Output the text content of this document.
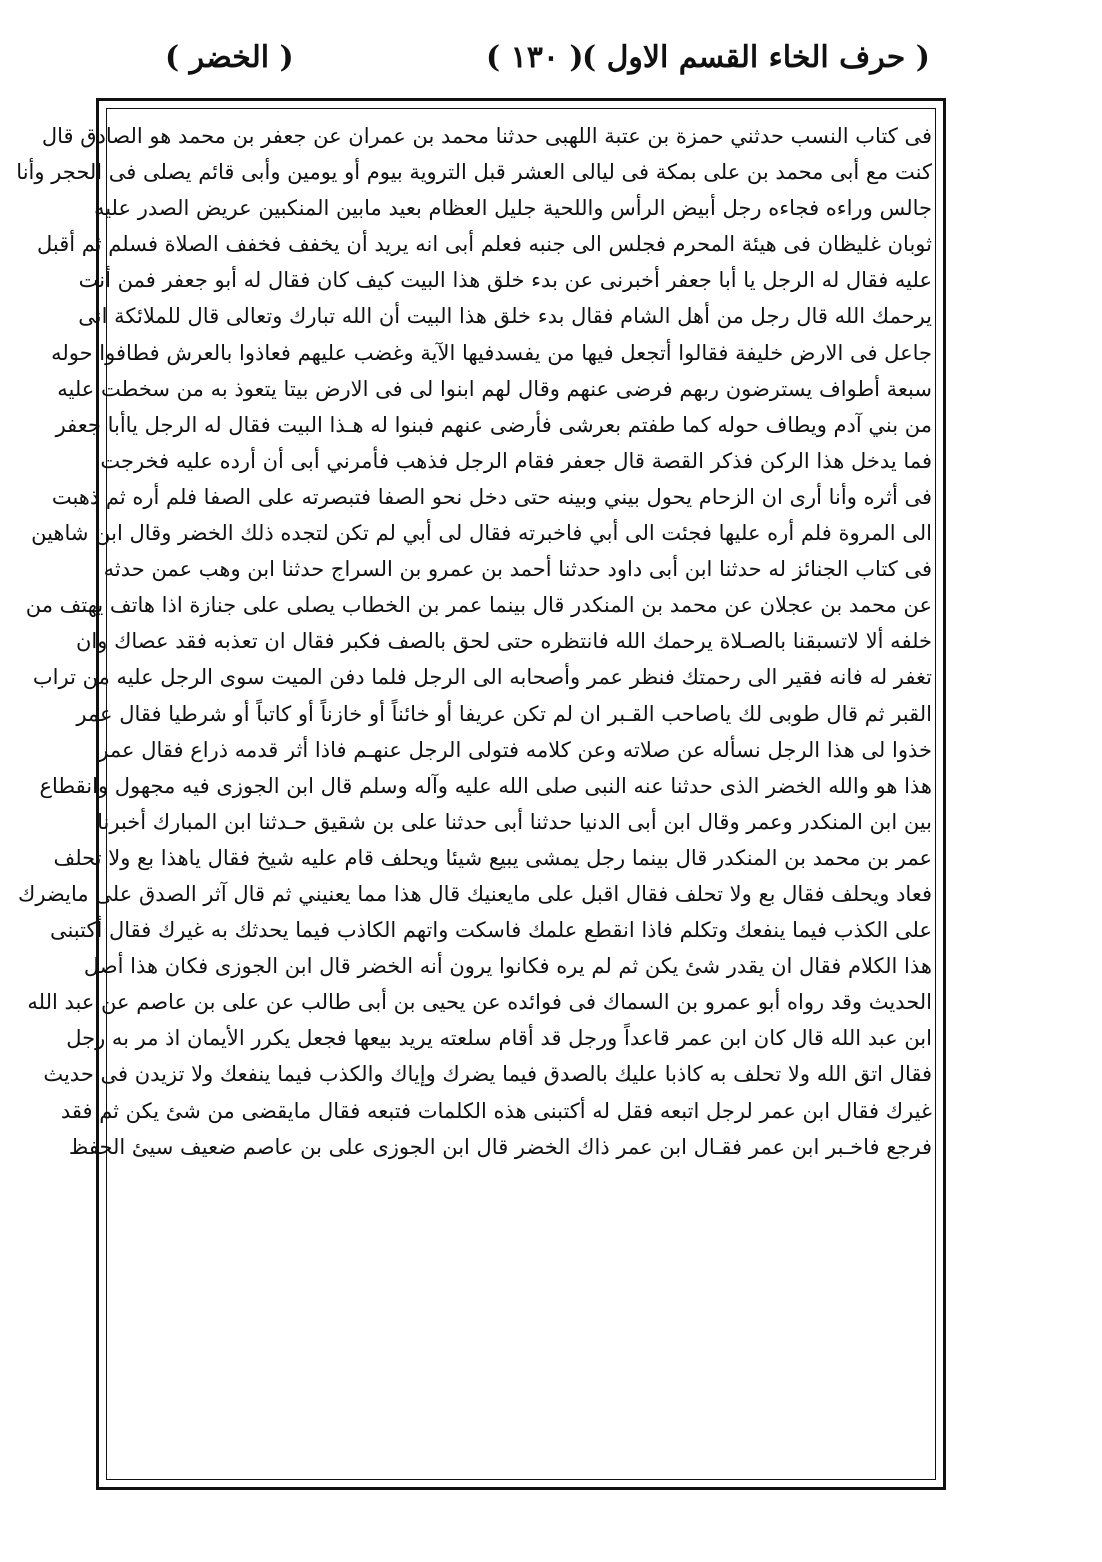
( الخضر )	( ١٣٠ )
( حرف الخاء القسم الاول )
فى كتاب النسب حدثني حمزة بن عتبة اللهبى حدثنا محمد بن عمران عن جعفر بن محمد هو الصادق قال
كنت مع أبى محمد بن على بمكة فى ليالى العشر قبل التروية بيوم أو يومين وأبى قائم يصلى فى الحجر وأنا
جالس وراءه فجاءه رجل أبيض الرأس واللحية جليل العظام بعيد مابين المنكبين عريض الصدر عليه
ثوبان غليظان فى هيئة المحرم فجلس الى جنبه فعلم أبى انه يريد أن يخفف فخفف الصلاة فسلم ثم أقبل
عليه فقال له الرجل يا أبا جعفر أخبرنى عن بدء خلق هذا البيت كيف كان فقال له أبو جعفر فمن أنت
يرحمك الله قال رجل من أهل الشام فقال بدء خلق هذا البيت أن الله تبارك وتعالى قال للملائكة انى
جاعل فى الارض خليفة فقالوا أتجعل فيها من يفسدفيها الآية وغضب عليهم فعاذوا بالعرش فطافوا حوله
سبعة أطواف يسترضون ربهم فرضى عنهم وقال لهم ابنوا لى فى الارض بيتا يتعوذ به من سخطت عليه
من بني آدم ويطاف حوله كما طفتم بعرشى فأرضى عنهم فبنوا له هـذا البيت فقال له الرجل ياأبا جعفر
فما يدخل هذا الركن فذكر القصة قال جعفر فقام الرجل فذهب فأمرني أبى أن أرده عليه فخرجت
فى أثره وأنا أرى ان الزحام يحول بيني وبينه حتى دخل نحو الصفا فتبصرته على الصفا فلم أره ثم ذهبت
الى المروة فلم أره عليها فجئت الى أبي فاخبرته فقال لى أبي لم تكن لتجده ذلك الخضر وقال ابن شاهين
فى كتاب الجنائز له حدثنا ابن أبى داود حدثنا أحمد بن عمرو بن السراج حدثنا ابن وهب عمن حدثه
عن محمد بن عجلان عن محمد بن المنكدر قال بينما عمر بن الخطاب يصلى على جنازة اذا هاتف يهتف من
خلفه ألا لاتسبقنا بالصـلاة يرحمك الله فانتظره حتى لحق بالصف فكبر فقال ان تعذبه فقد عصاك وان
تغفر له فانه فقير الى رحمتك فنظر عمر وأصحابه الى الرجل فلما دفن الميت سوى الرجل عليه من تراب
القبر ثم قال طوبى لك ياصاحب القـبر ان لم تكن عريفا أو خائناً أو خازناً أو كاتباً أو شرطيا فقال عمر
خذوا لى هذا الرجل نسأله عن صلاته وعن كلامه فتولى الرجل عنهـم فاذا أثر قدمه ذراع فقال عمر
هذا هو والله الخضر الذى حدثنا عنه النبى صلى الله عليه وآله وسلم قال ابن الجوزى فيه مجهول وانقطاع
بين ابن المنكدر وعمر وقال ابن أبى الدنيا حدثنا أبى حدثنا على بن شقيق حـدثنا ابن المبارك أخبرنا
عمر بن محمد بن المنكدر قال بينما رجل يمشى يبيع شيئا ويحلف قام عليه شيخ فقال ياهذا بع ولا تحلف
فعاد ويحلف فقال بع ولا تحلف فقال اقبل على مايعنيك قال هذا مما يعنيني ثم قال آثر الصدق على مايضرك
على الكذب فيما ينفعك وتكلم فاذا انقطع علمك فاسكت واتهم الكاذب فيما يحدثك به غيرك فقال أكتبنى
هذا الكلام فقال ان يقدر شئ يكن ثم لم يره فكانوا يرون أنه الخضر قال ابن الجوزى فكان هذا أصل
الحديث وقد رواه أبو عمرو بن السماك فى فوائده عن يحيى بن أبى طالب عن على بن عاصم عن عبد الله
ابن عبد الله قال كان ابن عمر قاعداً ورجل قد أقام سلعته يريد بيعها فجعل يكرر الأيمان اذ مر به رجل
فقال اتق الله ولا تحلف به كاذبا عليك بالصدق فيما يضرك وإياك والكذب فيما ينفعك ولا تزيدن فى حديث
غيرك فقال ابن عمر لرجل اتبعه فقل له أكتبنى هذه الكلمات فتبعه فقال مايقضى من شئ يكن ثم فقد
فرجع فاخـبر ابن عمر فقـال ابن عمر ذاك الخضر قال ابن الجوزى على بن عاصم ضعيف سيئ الحفظ
